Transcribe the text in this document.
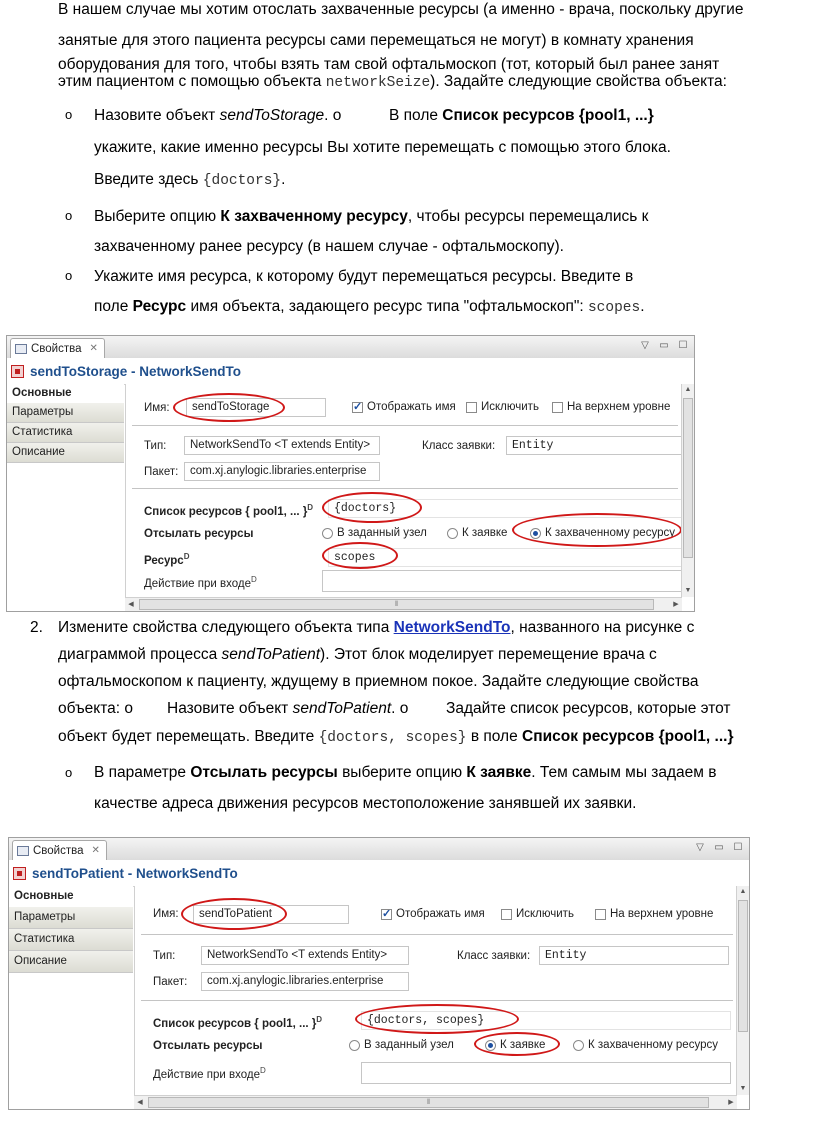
В нашем случае мы хотим отослать захваченные ресурсы (а именно - врача, поскольку другие
занятые для этого пациента ресурсы сами перемещаться не могут) в комнату хранения
оборудования для того, чтобы взять там свой офтальмоскоп (тот, который был ранее занят
этим пациентом с помощью объекта networkSeize). Задайте следующие свойства объекта:
o Назовите объект sendToStorage. o	В поле Список ресурсов {pool1, ...}
укажите, какие именно ресурсы Вы хотите перемещать с помощью этого блока.
Введите здесь {doctors}.
o Выберите опцию К захваченному ресурсу, чтобы ресурсы перемещались к
захваченному ранее ресурсу (в нашем случае - офтальмоскопу).
o Укажите имя ресурса, к которому будут перемещаться ресурсы. Введите в
поле Ресурс имя объекта, задающего ресурс типа "офтальмоскоп": scopes.
Свойства ✕	▽ ▭ ☐
sendToStorage - NetworkSendTo
Основные
Параметры
Статистика
Описание
Имя:	sendToStorage ✓	Отображать имя Исключить На верхнем уровне
Тип:	NetworkSendTo <T extends Entity>	Класс заявки:	Entity
Пакет:	com.xj.anylogic.libraries.enterprise
Список ресурсов { pool1, ... }$^D$	{doctors}
Отсылать ресурсы	В заданный узел	К заявке	К захваченному ресурсу
Ресурс$^D$	scopes
Действие при входе$^D$
▲
▼
◀	⦀	▶
2. Измените свойства следующего объекта типа NetworkSendTo, названного на рисунке с
диаграммой процесса sendToPatient). Этот блок моделирует перемещение врача с
офтальмоскопом к пациенту, ждущему в приемном покое. Задайте следующие свойства
объекта: o Назовите объект sendToPatient. o Задайте список ресурсов, которые этот
объект будет перемещать. Введите {doctors, scopes} в поле Список ресурсов {pool1, ...}
o В параметре Отсылать ресурсы выберите опцию К заявке. Тем самым мы задаем в
качестве адреса движения ресурсов местоположение занявшей их заявки.
Свойства ✕	▽ ▭ ☐
sendToPatient - NetworkSendTo
Основные
Параметры
Статистика
Описание
Имя:	sendToPatient ✓	Отображать имя	Исключить	На верхнем уровне
Тип:	NetworkSendTo <T extends Entity>	Класс заявки:	Entity
Пакет:	com.xj.anylogic.libraries.enterprise
Список ресурсов { pool1, ... }$^D$	{doctors, scopes}
Отсылать ресурсы	В заданный узел	К заявке	К захваченному ресурсу
Действие при входе$^D$
▲
▼
◀	⦀	▶
